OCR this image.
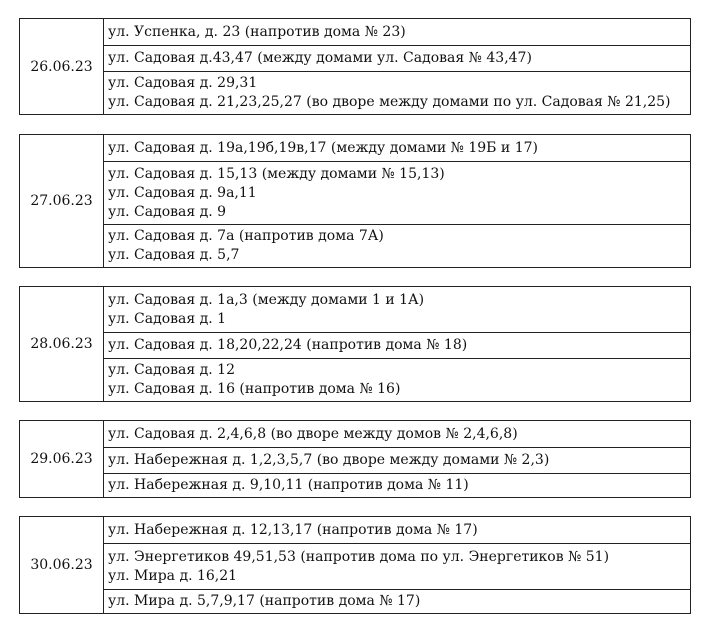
26.06.23
ул. Успенка, д. 23 (напротив дома № 23)
ул. Садовая д.43,47 (между домами ул. Садовая № 43,47)
ул. Садовая д. 29,31
ул. Садовая д. 21,23,25,27 (во дворе между домами по ул. Садовая № 21,25)
27.06.23
ул. Садовая д. 19а,19б,19в,17 (между домами № 19Б и 17)
ул. Садовая д. 15,13 (между домами № 15,13)
ул. Садовая д. 9а,11
ул. Садовая д. 9
ул. Садовая д. 7а (напротив дома 7А)
ул. Садовая д. 5,7
28.06.23
ул. Садовая д. 1а,3 (между домами 1 и 1А)
ул. Садовая д. 1
ул. Садовая д. 18,20,22,24 (напротив дома № 18)
ул. Садовая д. 12
ул. Садовая д. 16 (напротив дома № 16)
29.06.23
ул. Садовая д. 2,4,6,8 (во дворе между домов № 2,4,6,8)
ул. Набережная д. 1,2,3,5,7 (во дворе между домами № 2,3)
ул. Набережная д. 9,10,11 (напротив дома № 11)
30.06.23
ул. Набережная д. 12,13,17 (напротив дома № 17)
ул. Энергетиков 49,51,53 (напротив дома по ул. Энергетиков № 51)
ул. Мира д. 16,21
ул. Мира д. 5,7,9,17 (напротив дома № 17)
